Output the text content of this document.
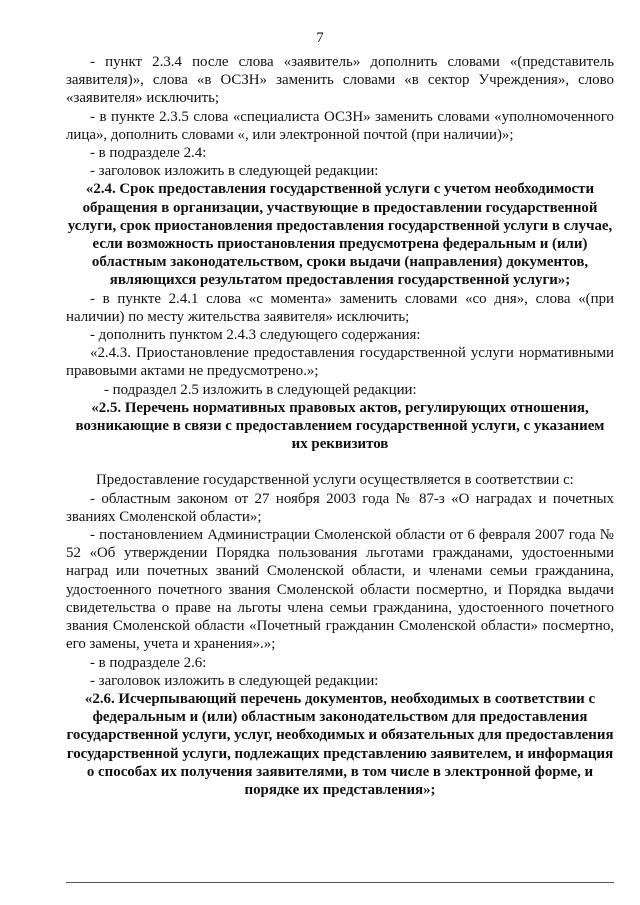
7

- пункт 2.3.4 после слова «заявитель» дополнить словами «(представитель заявителя)», слова «в ОСЗН» заменить словами «в сектор Учреждения», слово «заявителя» исключить;

- в пункте 2.3.5 слова «специалиста ОСЗН» заменить словами «уполномоченного лица», дополнить словами «, или электронной почтой (при наличии)»;

- в подразделе 2.4:

- заголовок изложить в следующей редакции:

«2.4. Срок предоставления государственной услуги с учетом необходимости обращения в организации, участвующие в предоставлении государственной услуги, срок приостановления предоставления государственной услуги в случае, если возможность приостановления предусмотрена федеральным и (или) областным законодательством, сроки выдачи (направления) документов, являющихся результатом предоставления государственной услуги»;

- в пункте 2.4.1 слова «с момента» заменить словами «со дня», слова «(при наличии) по месту жительства заявителя» исключить;

- дополнить пунктом 2.4.3 следующего содержания:

«2.4.3. Приостановление предоставления государственной услуги нормативными правовыми актами не предусмотрено.»;

- подраздел 2.5 изложить в следующей редакции:

«2.5. Перечень нормативных правовых актов, регулирующих отношения, возникающие в связи с предоставлением государственной услуги, с указанием их реквизитов

Предоставление государственной услуги осуществляется в соответствии с:

- областным законом от 27 ноября 2003 года № 87-з «О наградах и почетных званиях Смоленской области»;

- постановлением Администрации Смоленской области от 6 февраля 2007 года № 52 «Об утверждении Порядка пользования льготами гражданами, удостоенными наград или почетных званий Смоленской области, и членами семьи гражданина, удостоенного почетного звания Смоленской области посмертно, и Порядка выдачи свидетельства о праве на льготы члена семьи гражданина, удостоенного почетного звания Смоленской области «Почетный гражданин Смоленской области» посмертно, его замены, учета и хранения».»;

- в подразделе 2.6:

- заголовок изложить в следующей редакции:

«2.6. Исчерпывающий перечень документов, необходимых в соответствии с федеральным и (или) областным законодательством для предоставления государственной услуги, услуг, необходимых и обязательных для предоставления государственной услуги, подлежащих представлению заявителем, и информация о способах их получения заявителями, в том числе в электронной форме, и порядке их представления»;
